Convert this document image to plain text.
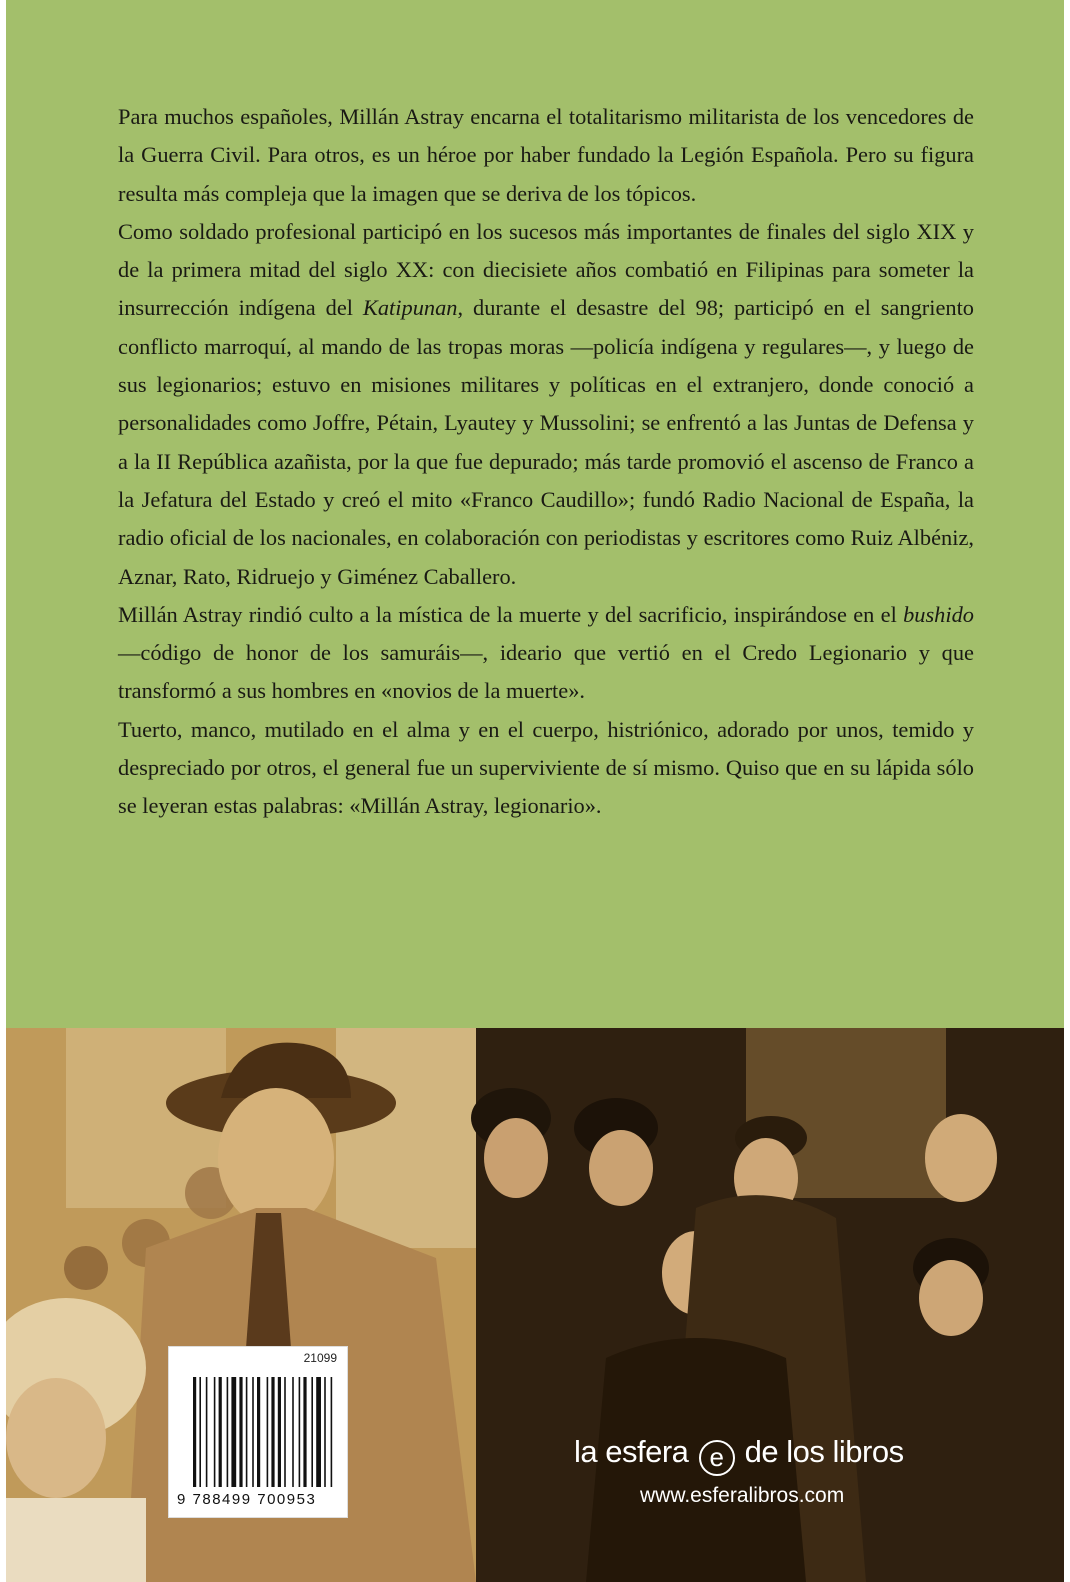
Para muchos españoles, Millán Astray encarna el totalitarismo militarista de los vencedores de la Guerra Civil. Para otros, es un héroe por haber fundado la Legión Española. Pero su figura resulta más compleja que la imagen que se deriva de los tópicos.

Como soldado profesional participó en los sucesos más importantes de finales del siglo XIX y de la primera mitad del siglo XX: con diecisiete años combatió en Filipinas para someter la insurrección indígena del Katipunan, durante el desastre del 98; participó en el sangriento conflicto marroquí, al mando de las tropas moras —policía indígena y regulares—, y luego de sus legionarios; estuvo en misiones militares y políticas en el extranjero, donde conoció a personalidades como Joffre, Pétain, Lyautey y Mussolini; se enfrentó a las Juntas de Defensa y a la II República azañista, por la que fue depurado; más tarde promovió el ascenso de Franco a la Jefatura del Estado y creó el mito «Franco Caudillo»; fundó Radio Nacional de España, la radio oficial de los nacionales, en colaboración con periodistas y escritores como Ruiz Albéniz, Aznar, Rato, Ridruejo y Giménez Caballero.

Millán Astray rindió culto a la mística de la muerte y del sacrificio, inspirándose en el bushido —código de honor de los samuráis—, ideario que vertió en el Credo Legionario y que transformó a sus hombres en «novios de la muerte».

Tuerto, manco, mutilado en el alma y en el cuerpo, histriónico, adorado por unos, temido y despreciado por otros, el general fue un superviviente de sí mismo. Quiso que en su lápida sólo se leyeran estas palabras: «Millán Astray, legionario».

21099
9 788499 700953
la esfera e de los libros
www.esferalibros.com
